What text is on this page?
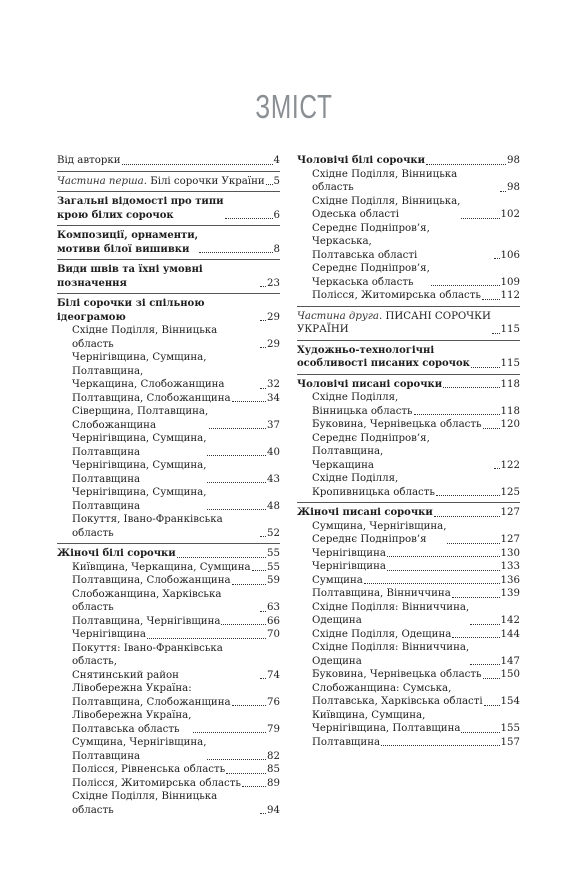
ЗМІСТ
Від авторки	4
Частина перша. Білі сорочки України 5
Загальні відомості про типи
крою білих сорочок	6
Композиції, орнаменти,
мотиви білої вишивки	8
Види швів та їхні умовні позначення	23
Білі сорочки зі спільною ідеограмою	29
Східне Поділля, Вінницька область	29
Чернігівщина, Сумщина, Полтавщина,
Черкащина, Слобожанщина	32
Полтавщина, Слобожанщина	34
Сіверщина, Полтавщина,
Слобожанщина	37
Чернігівщина, Сумщина,
Полтавщина	40
Чернігівщина, Сумщина,
Полтавщина	43
Чернігівщина, Сумщина,
Полтавщина	48
Покуття, Івано-Франківська область	52
Жіночі білі сорочки	55
Київщина, Черкащина, Сумщина 55
Полтавщина, Слобожанщина	59
Слобожанщина, Харківська область	63
Полтавщина, Чернігівщина	66
Чернігівщина	70
Покуття: Івано-Франківська область,
Снятинський район	74
Лівобережна Україна:
Полтавщина, Слобожанщина	76
Лівобережна Україна,
Полтавська область	79
Сумщина, Чернігівщина,
Полтавщина	82
Полісся, Рівненська область	85
Полісся, Житомирська область	89
Східне Поділля, Вінницька область	94
Чоловічі білі сорочки	98
Східне Поділля, Вінницька область	98
Східне Поділля, Вінницька,
Одеська області	102
Середнє Подніпров’я, Черкаська,
Полтавська області	106
Середнє Подніпров’я,
Черкаська область	109
Полісся, Житомирська область 112
Частина друга. ПИСАНІ СОРОЧКИ
УКРАЇНИ	115
Художньо-технологічні
особливості писаних сорочок	115
Чоловічі писані сорочки	118
Східне Поділля,
Вінницька область	118
Буковина, Чернівецька область 120
Середнє Подніпров’я, Полтавщина,
Черкащина	122
Східне Поділля,
Кропивницька область	125
Жіночі писані сорочки	127
Сумщина, Чернігівщина,
Середнє Подніпров’я	127
Чернігівщина	130
Чернігівщина	133
Сумщина	136
Полтавщина, Вінниччина	139
Східне Поділля: Вінниччина,
Одещина	142
Східне Поділля, Одещина	144
Східне Поділля: Вінниччина,
Одещина	147
Буковина, Чернівецька область 150
Слобожанщина: Сумська,
Полтавська, Харківська області 154
Київщина, Сумщина,
Чернігівщина, Полтавщина	155
Полтавщина	157
